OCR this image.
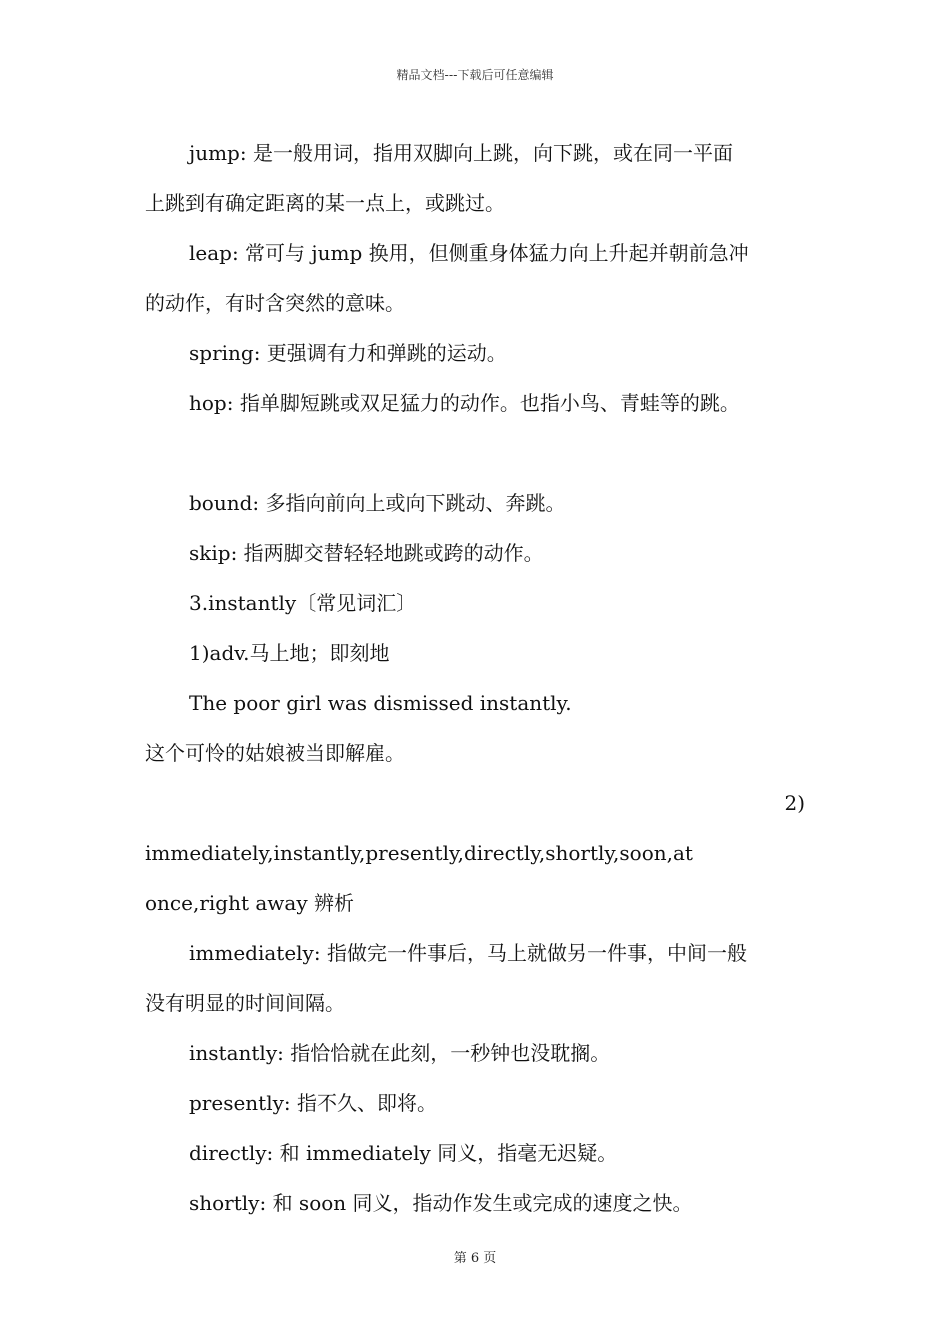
精品文档---下载后可任意编辑
jump: 是一般用词，指用双脚向上跳，向下跳，或在同一平面
上跳到有确定距离的某一点上，或跳过。
leap: 常可与 jump 换用，但侧重身体猛力向上升起并朝前急冲
的动作，有时含突然的意味。
spring: 更强调有力和弹跳的运动。
hop: 指单脚短跳或双足猛力的动作。也指小鸟、青蛙等的跳。
bound: 多指向前向上或向下跳动、奔跳。
skip: 指两脚交替轻轻地跳或跨的动作。
3.instantly〔常见词汇〕
1)adv.马上地；即刻地
The poor girl was dismissed instantly.
这个可怜的姑娘被当即解雇。
2)
immediately,instantly,presently,directly,shortly,soon,at
once,right away 辨析
immediately: 指做完一件事后，马上就做另一件事，中间一般
没有明显的时间间隔。
instantly: 指恰恰就在此刻，一秒钟也没耽搁。
presently: 指不久、即将。
directly: 和 immediately 同义，指毫无迟疑。
shortly: 和 soon 同义，指动作发生或完成的速度之快。
第 6 页
